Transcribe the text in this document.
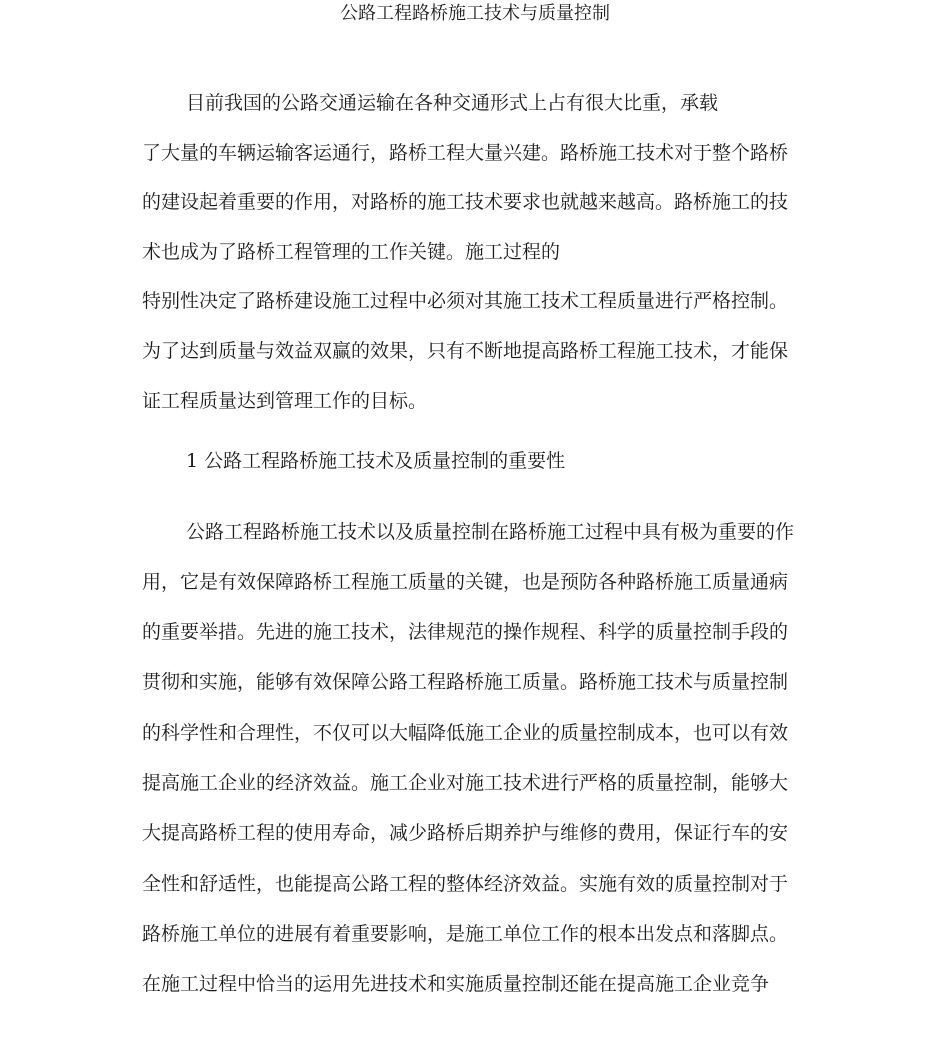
公路工程路桥施工技术与质量控制
目前我国的公路交通运输在各种交通形式上占有很大比重，承载
了大量的车辆运输客运通行，路桥工程大量兴建。路桥施工技术对于整个路桥
的建设起着重要的作用，对路桥的施工技术要求也就越来越高。路桥施工的技
术也成为了路桥工程管理的工作关键。施工过程的
特别性决定了路桥建设施工过程中必须对其施工技术工程质量进行严格控制。
为了达到质量与效益双赢的效果，只有不断地提高路桥工程施工技术，才能保
证工程质量达到管理工作的目标。
1 公路工程路桥施工技术及质量控制的重要性
公路工程路桥施工技术以及质量控制在路桥施工过程中具有极为重要的作
用，它是有效保障路桥工程施工质量的关键，也是预防各种路桥施工质量通病
的重要举措。先进的施工技术，法律规范的操作规程、科学的质量控制手段的
贯彻和实施，能够有效保障公路工程路桥施工质量。路桥施工技术与质量控制
的科学性和合理性，不仅可以大幅降低施工企业的质量控制成本，也可以有效
提高施工企业的经济效益。施工企业对施工技术进行严格的质量控制，能够大
大提高路桥工程的使用寿命，减少路桥后期养护与维修的费用，保证行车的安
全性和舒适性，也能提高公路工程的整体经济效益。实施有效的质量控制对于
路桥施工单位的进展有着重要影响，是施工单位工作的根本出发点和落脚点。
在施工过程中恰当的运用先进技术和实施质量控制还能在提高施工企业竞争
